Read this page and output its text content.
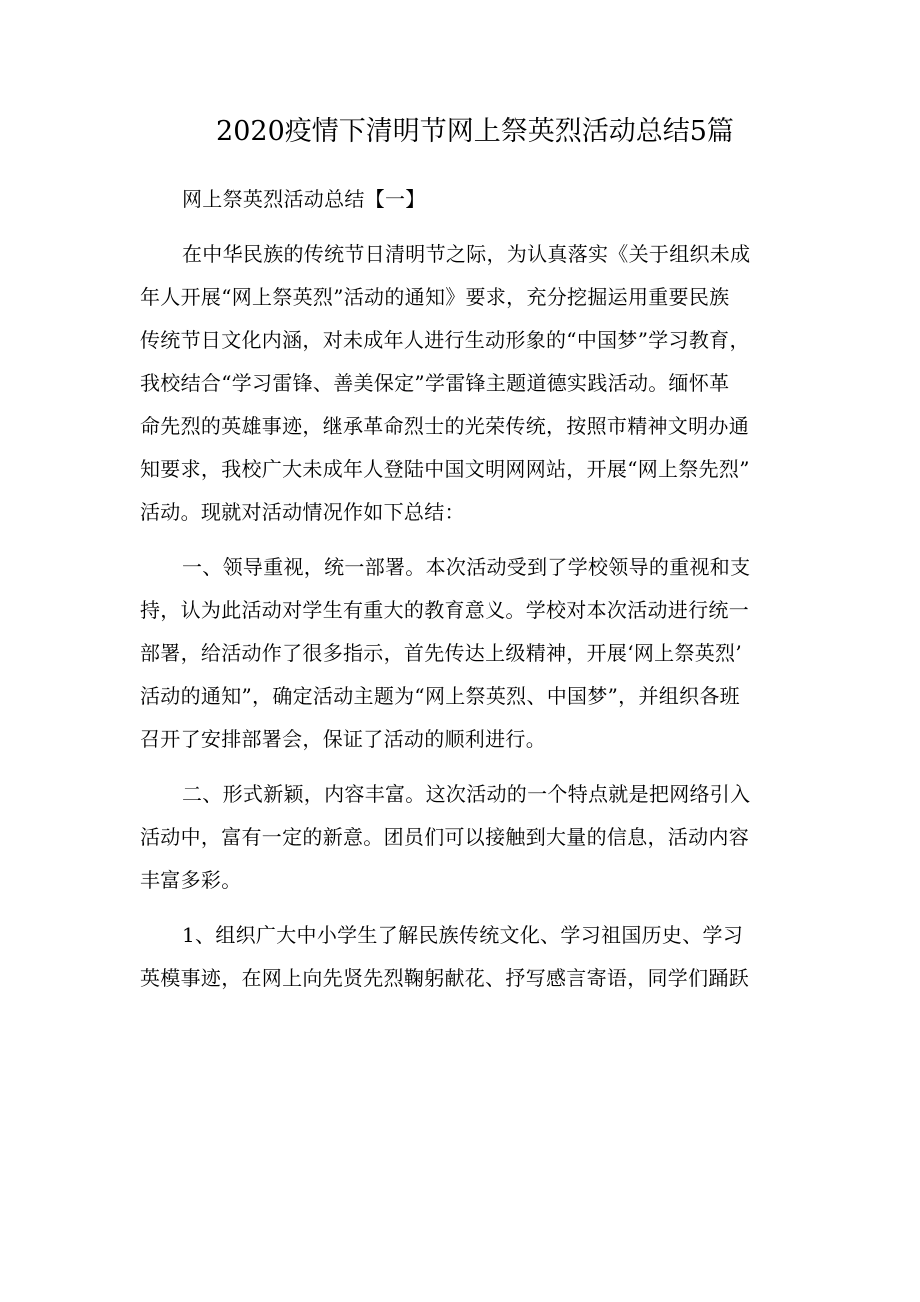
2020疫情下清明节网上祭英烈活动总结5篇

网上祭英烈活动总结【一】

在中华民族的传统节日清明节之际，为认真落实《关于组织未成
年人开展“网上祭英烈”活动的通知》要求，充分挖掘运用重要民族
传统节日文化内涵，对未成年人进行生动形象的“中国梦”学习教育，
我校结合“学习雷锋、善美保定”学雷锋主题道德实践活动。缅怀革
命先烈的英雄事迹，继承革命烈士的光荣传统，按照市精神文明办通
知要求，我校广大未成年人登陆中国文明网网站，开展“网上祭先烈”
活动。现就对活动情况作如下总结：

一、领导重视，统一部署。本次活动受到了学校领导的重视和支
持，认为此活动对学生有重大的教育意义。学校对本次活动进行统一
部署，给活动作了很多指示，首先传达上级精神，开展‘网上祭英烈’
活动的通知”，确定活动主题为“网上祭英烈、中国梦”，并组织各班
召开了安排部署会，保证了活动的顺利进行。

二、形式新颖，内容丰富。这次活动的一个特点就是把网络引入
活动中，富有一定的新意。团员们可以接触到大量的信息，活动内容
丰富多彩。

1、组织广大中小学生了解民族传统文化、学习祖国历史、学习
英模事迹，在网上向先贤先烈鞠躬献花、抒写感言寄语，同学们踊跃
